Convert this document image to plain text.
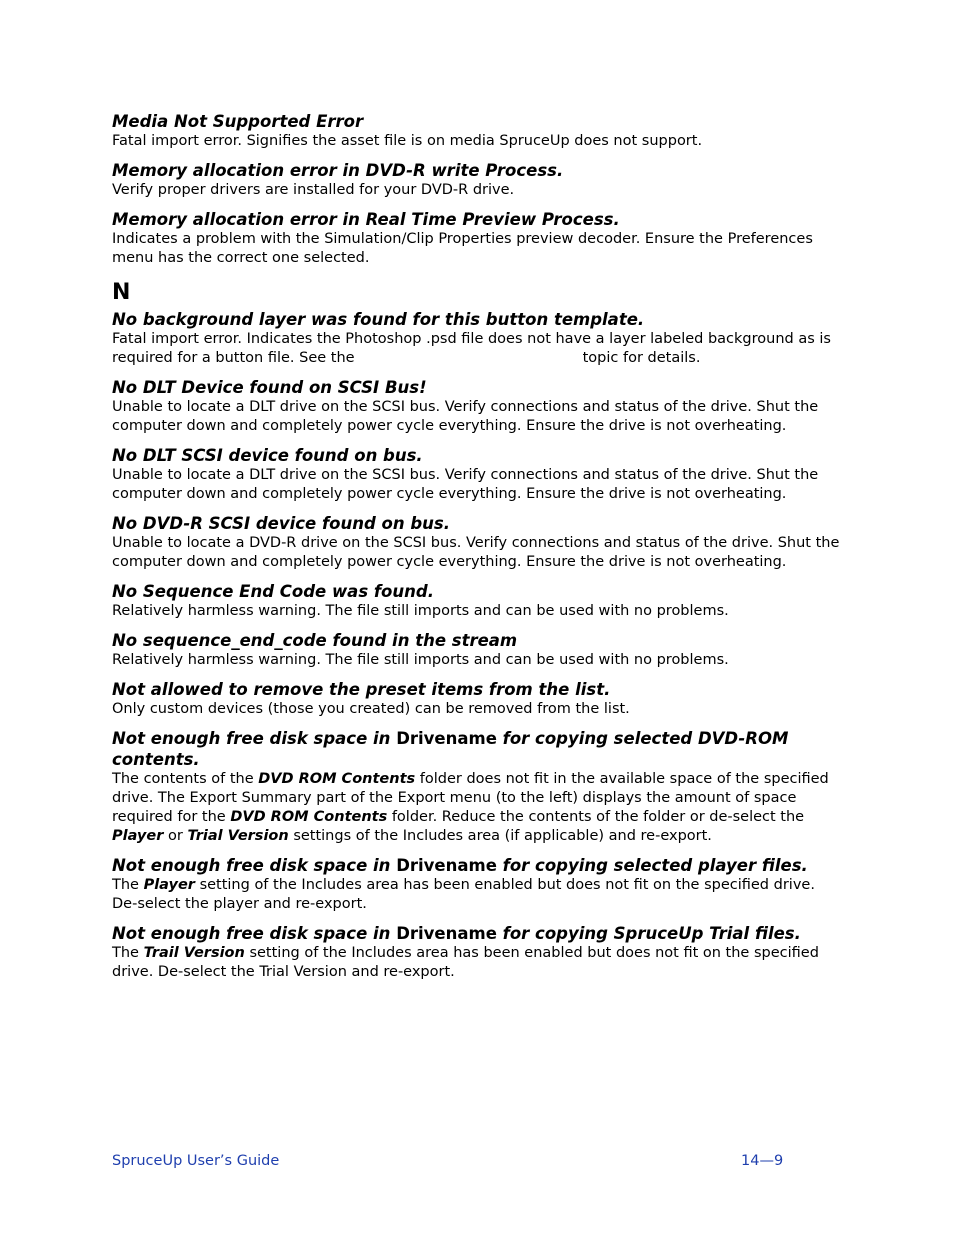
Media Not Supported Error

Fatal import error. Signifies the asset file is on media SpruceUp does not support.

Memory allocation error in DVD-R write Process.

Verify proper drivers are installed for your DVD-R drive.

Memory allocation error in Real Time Preview Process.

Indicates a problem with the Simulation/Clip Properties preview decoder. Ensure the Preferences menu has the correct one selected.

N
No background layer was found for this button template.

Fatal import error. Indicates the Photoshop .psd file does not have a layer labeled background as is required for a button file. See the	topic for details.

No DLT Device found on SCSI Bus!

Unable to locate a DLT drive on the SCSI bus. Verify connections and status of the drive. Shut the computer down and completely power cycle everything. Ensure the drive is not overheating.

No DLT SCSI device found on bus.

Unable to locate a DLT drive on the SCSI bus. Verify connections and status of the drive. Shut the computer down and completely power cycle everything. Ensure the drive is not overheating.

No DVD-R SCSI device found on bus.

Unable to locate a DVD-R drive on the SCSI bus. Verify connections and status of the drive. Shut the computer down and completely power cycle everything. Ensure the drive is not overheating.

No Sequence End Code was found.

Relatively harmless warning. The file still imports and can be used with no problems.

No sequence_end_code found in the stream

Relatively harmless warning. The file still imports and can be used with no problems.

Not allowed to remove the preset items from the list.

Only custom devices (those you created) can be removed from the list.

Not enough free disk space in Drivename for copying selected DVD-ROM contents.

The contents of the DVD ROM Contents folder does not fit in the available space of the specified drive. The Export Summary part of the Export menu (to the left) displays the amount of space required for the DVD ROM Contents folder. Reduce the contents of the folder or de-select the Player or Trial Version settings of the Includes area (if applicable) and re-export.

Not enough free disk space in Drivename for copying selected player files.

The Player setting of the Includes area has been enabled but does not fit on the specified drive. De-select the player and re-export.

Not enough free disk space in Drivename for copying SpruceUp Trial files.

The Trail Version setting of the Includes area has been enabled but does not fit on the specified drive. De-select the Trial Version and re-export.

SpruceUp User’s Guide	14—9
